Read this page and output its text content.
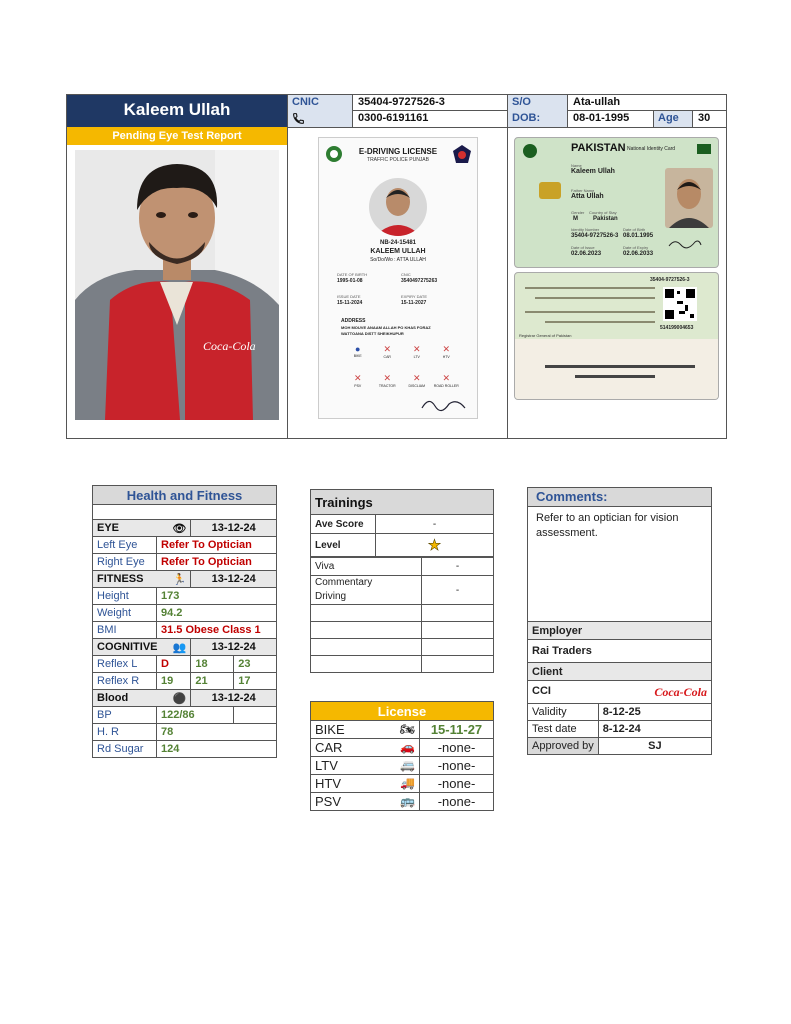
Kaleem Ullah
Pending Eye Test Report
CNIC	35404-9727526-3
0300-6191161
S/O	Ata-ullah
DOB:	08-01-1995	Age	30
Coca-Cola
E-DRIVING LICENSE
TRAFFIC POLICE PUNJAB
NB-24-15481
KALEEM ULLAH
So/Do/Wo : ATTA ULLAH
DATE OF BIRTH
1995-01-08
CNIC
3540497275263
ISSUE DATE
15-11-2024
EXPIRY DATE
15-11-2027
ADDRESS
MOH MOUVE ANAAM ALLAH PO KHAS FORAZ
WATTOANA DISTT SHEIKHUPUR
●
BIKE
✕
CAR
✕
LTV
✕
HTV
✕
PSV
✕
TRACTOR
✕
DISCLIAM
✕
ROAD ROLLER
PAKISTAN National Identity Card
Name
Kaleem Ullah
Father Name
Atta Ullah
Gender
M
Country of Stay
Pakistan
Identity Number
35404-9727526-3
Date of Birth
08.01.1995
Date of Issue
02.06.2023
Date of Expiry
02.06.2033
35404-9727526-3
514199004653
Registrar General of Pakistan
Health and Fitness			

EYE 👁		13-12-24	
Left Eye	Refer To Optician		
Right Eye	Refer To Optician		
FITNESS 🏃		13-12-24	
Height	173		
Weight	94.2		
BMI	31.5 Obese Class 1		
COGNITIVE 👥		13-12-24	
Reflex L	D	18	23
Reflex R	19	21	17
Blood ⚫		13-12-24	
BP	122/86		
H. R	78		
Rd Sugar	124		
Trainings	
Ave Score	-
Level	★
Viva	-
Commentary
Driving	-

License	
BIKE 🏍	15-11-27
CAR 🚗	-none-
LTV 🚐	-none-
HTV 🚚	-none-
PSV 🚌	-none-
Comments:
Refer to an optician for vision assessment.
Employer	
Rai Traders	
Client	
CCI Coca-Cola	

Validity	8-12-25
Test date	8-12-24
Approved by	SJ
